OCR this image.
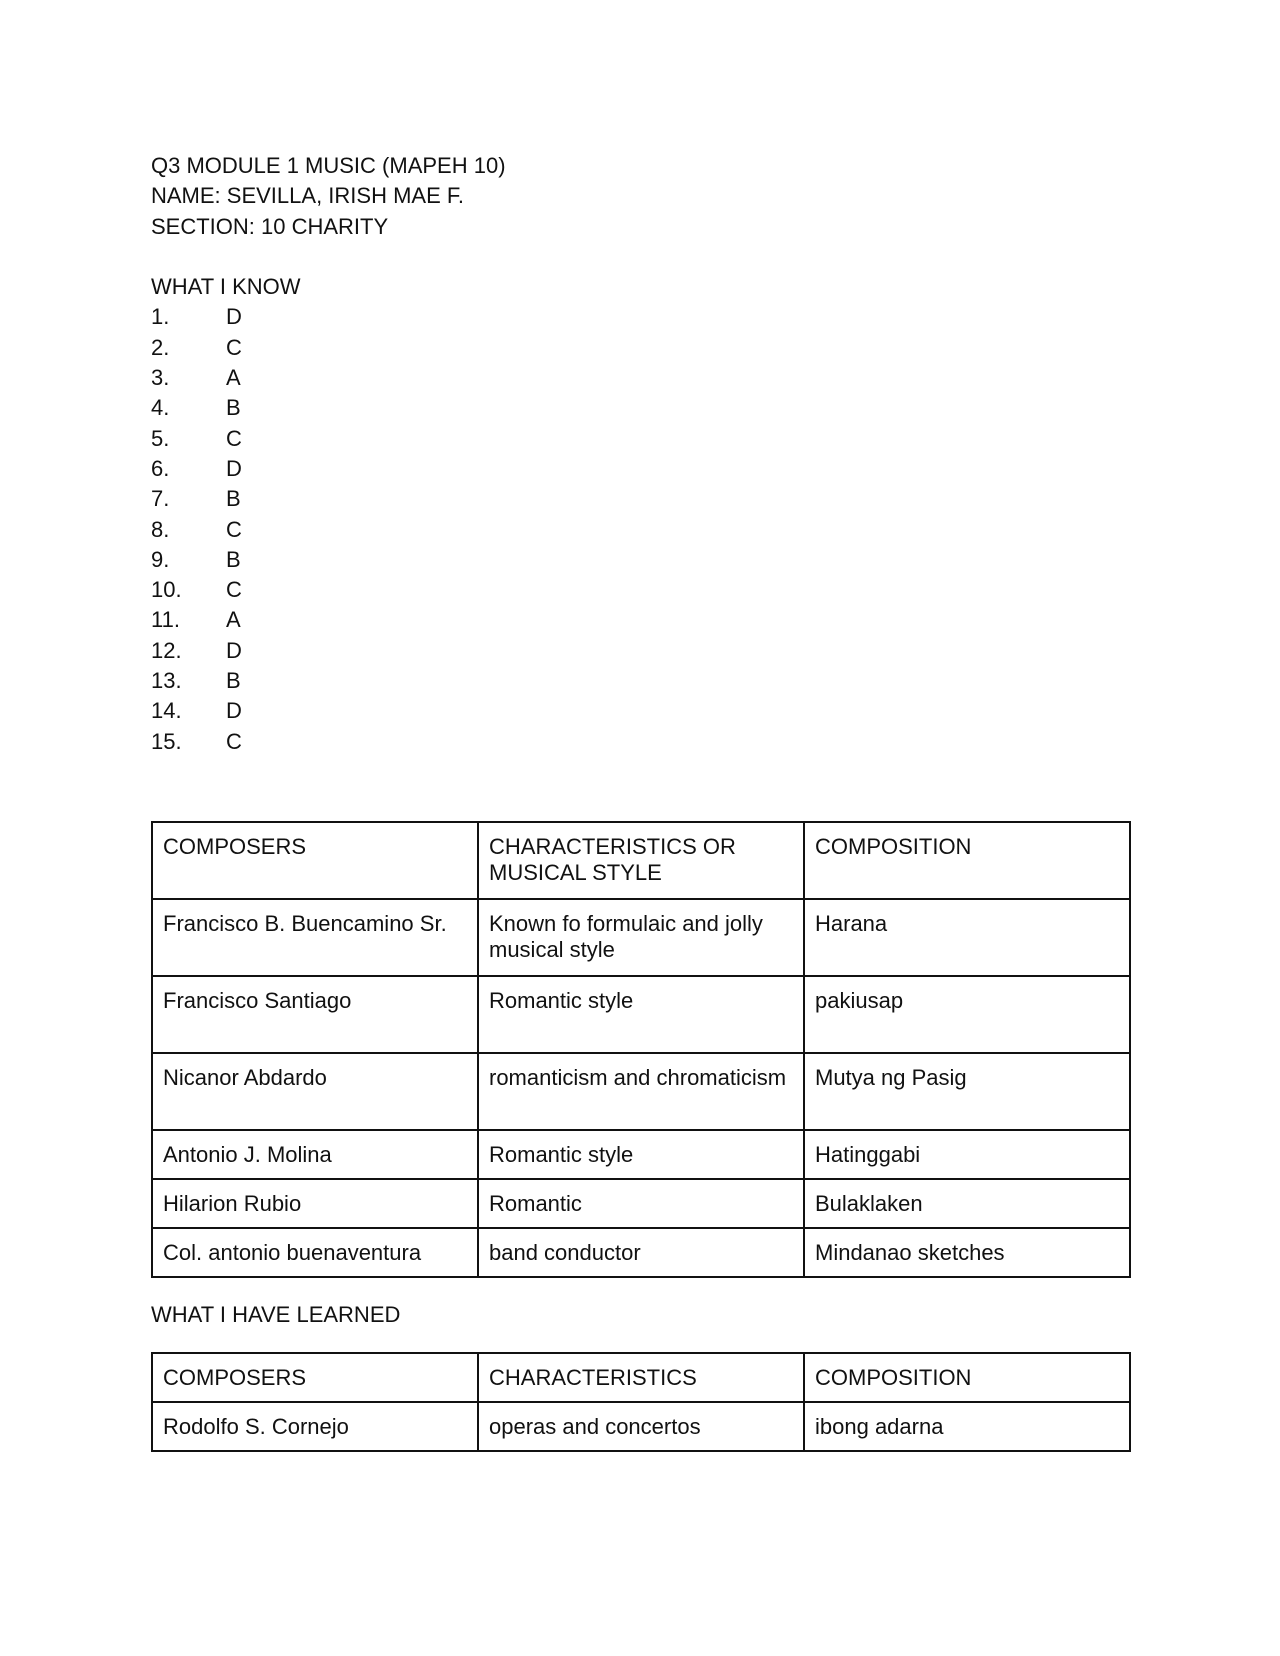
Q3 MODULE 1 MUSIC (MAPEH 10)
NAME: SEVILLA, IRISH MAE F.
SECTION: 10 CHARITY
WHAT I KNOW
1.	D
2.	C
3.	A
4.	B
5.	C
6.	D
7.	B
8.	C
9.	B
10.	C
11.	A
12.	D
13.	B
14.	D
15.	C
COMPOSERS	CHARACTERISTICS OR MUSICAL STYLE	COMPOSITION
Francisco B. Buencamino Sr.	Known fo formulaic and jolly musical style	Harana
Francisco Santiago	Romantic style	pakiusap
Nicanor Abdardo	romanticism and chromaticism	Mutya ng Pasig
Antonio J. Molina	Romantic style	Hatinggabi
Hilarion Rubio	Romantic	Bulaklaken
Col. antonio buenaventura	band conductor	Mindanao sketches
WHAT I HAVE LEARNED
COMPOSERS	CHARACTERISTICS	COMPOSITION
Rodolfo S. Cornejo	operas and concertos	ibong adarna
